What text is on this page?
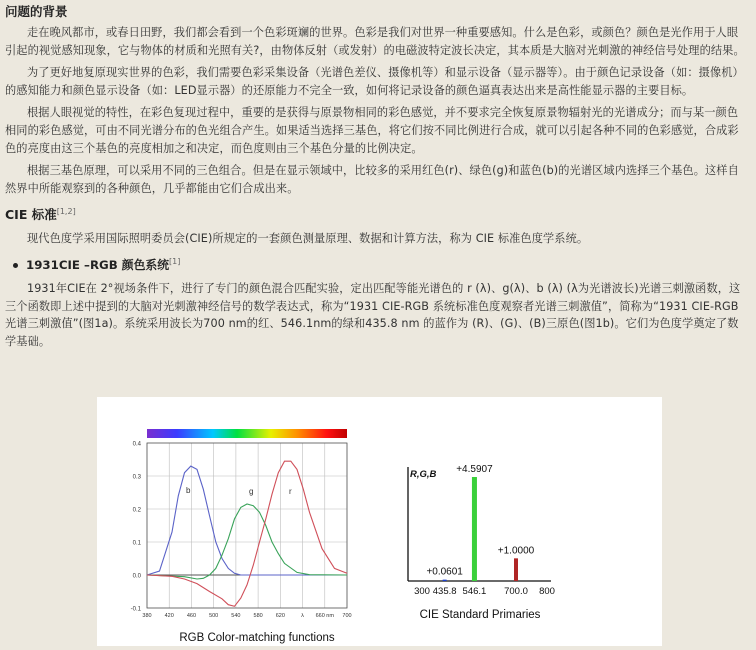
问题的背景

走在晚风都市，或春日田野，我们都会看到一个色彩斑斓的世界。色彩是我们对世界一种重要感知。什么是色彩，或颜色？颜色是光作用于人眼引起的视觉感知现象，它与物体的材质和光照有关?，由物体反射（或发射）的电磁波特定波长决定，其本质是大脑对光刺激的神经信号处理的结果。

为了更好地复原现实世界的色彩，我们需要色彩采集设备（光谱色差仪、摄像机等）和显示设备（显示器等）。由于颜色记录设备（如：摄像机）的感知能力和颜色显示设备（如：LED显示器）的还原能力不完全一致，如何将记录设备的颜色逼真表达出来是高性能显示器的主要目标。

根据人眼视觉的特性，在彩色复现过程中，重要的是获得与原景物相同的彩色感觉，并不要求完全恢复原景物辐射光的光谱成分；而与某一颜色相同的彩色感觉，可由不同光谱分布的色光组合产生。如果适当选择三基色，将它们按不同比例进行合成，就可以引起各种不同的色彩感觉，合成彩色的亮度由这三个基色的亮度相加之和决定，而色度则由三个基色分量的比例决定。

根据三基色原理，可以采用不同的三色组合。但是在显示领域中，比较多的采用红色(r)、绿色(g)和蓝色(b)的光谱区域内选择三个基色。这样自然界中所能观察到的各种颜色，几乎都能由它们合成出来。

CIE 标准[1,2]

现代色度学采用国际照明委员会(CIE)所规定的一套颜色测量原理、数据和计算方法，称为 CIE 标准色度学系统。

1931CIE –RGB 颜色系统[1]

1931年CIE在 2°视场条件下，进行了专门的颜色混合匹配实验，定出匹配等能光谱色的 r (λ)、g(λ)、b (λ) (λ为光谱波长)光谱三刺激函数，这三个函数即上述中提到的大脑对光刺激神经信号的数学表达式，称为“1931 CIE-RGB 系统标准色度观察者光谱三刺激值”，简称为“1931 CIE-RGB 光谱三刺激值”(图1a)。系统采用波长为700 nm的红、546.1nm的绿和435.8 nm 的蓝作为 (R)、(G)、(B)三原色(图1b)。它们为色度学奠定了数学基础。

0.4
0.3
0.2
0.1
0.0
-0.1
380 420 460 500 540 580 620	λ 660 nm 700
b	g	r
RGB Color-matching functions
R,G,B
+0.0601
+4.5907
+1.0000
300 435.8 546.1 700.0 800
CIE Standard Primaries
